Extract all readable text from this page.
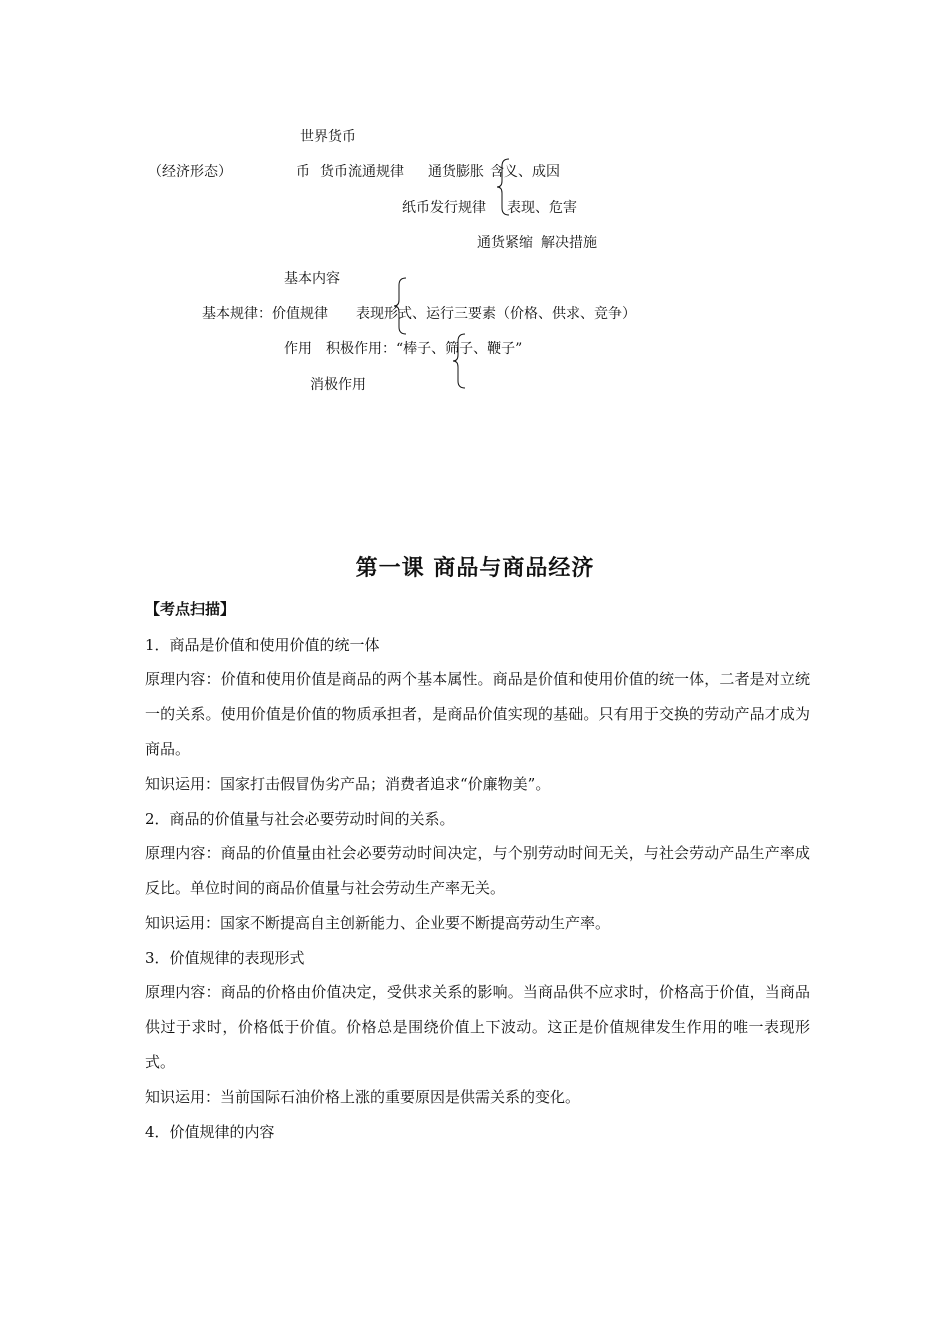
世界货币
（经济形态）	币 货币流通规律 通货膨胀 含义、成因
纸币发行规律 表现、危害
通货紧缩 解决措施
基本内容
基本规律：价值规律 表现形式、运行三要素（价格、供求、竞争）
作用 积极作用：“棒子、筛子、鞭子”
消极作用
第一课 商品与商品经济
【考点扫描】
1．商品是价值和使用价值的统一体
原理内容：价值和使用价值是商品的两个基本属性。商品是价值和使用价值的统一体，二者是对立统一的关系。使用价值是价值的物质承担者，是商品价值实现的基础。只有用于交换的劳动产品才成为商品。
知识运用：国家打击假冒伪劣产品；消费者追求“价廉物美”。
2．商品的价值量与社会必要劳动时间的关系。
原理内容：商品的价值量由社会必要劳动时间决定，与个别劳动时间无关，与社会劳动产品生产率成反比。单位时间的商品价值量与社会劳动生产率无关。
知识运用：国家不断提高自主创新能力、企业要不断提高劳动生产率。
3．价值规律的表现形式
原理内容：商品的价格由价值决定，受供求关系的影响。当商品供不应求时，价格高于价值，当商品供过于求时，价格低于价值。价格总是围绕价值上下波动。这正是价值规律发生作用的唯一表现形式。
知识运用：当前国际石油价格上涨的重要原因是供需关系的变化。
4．价值规律的内容
